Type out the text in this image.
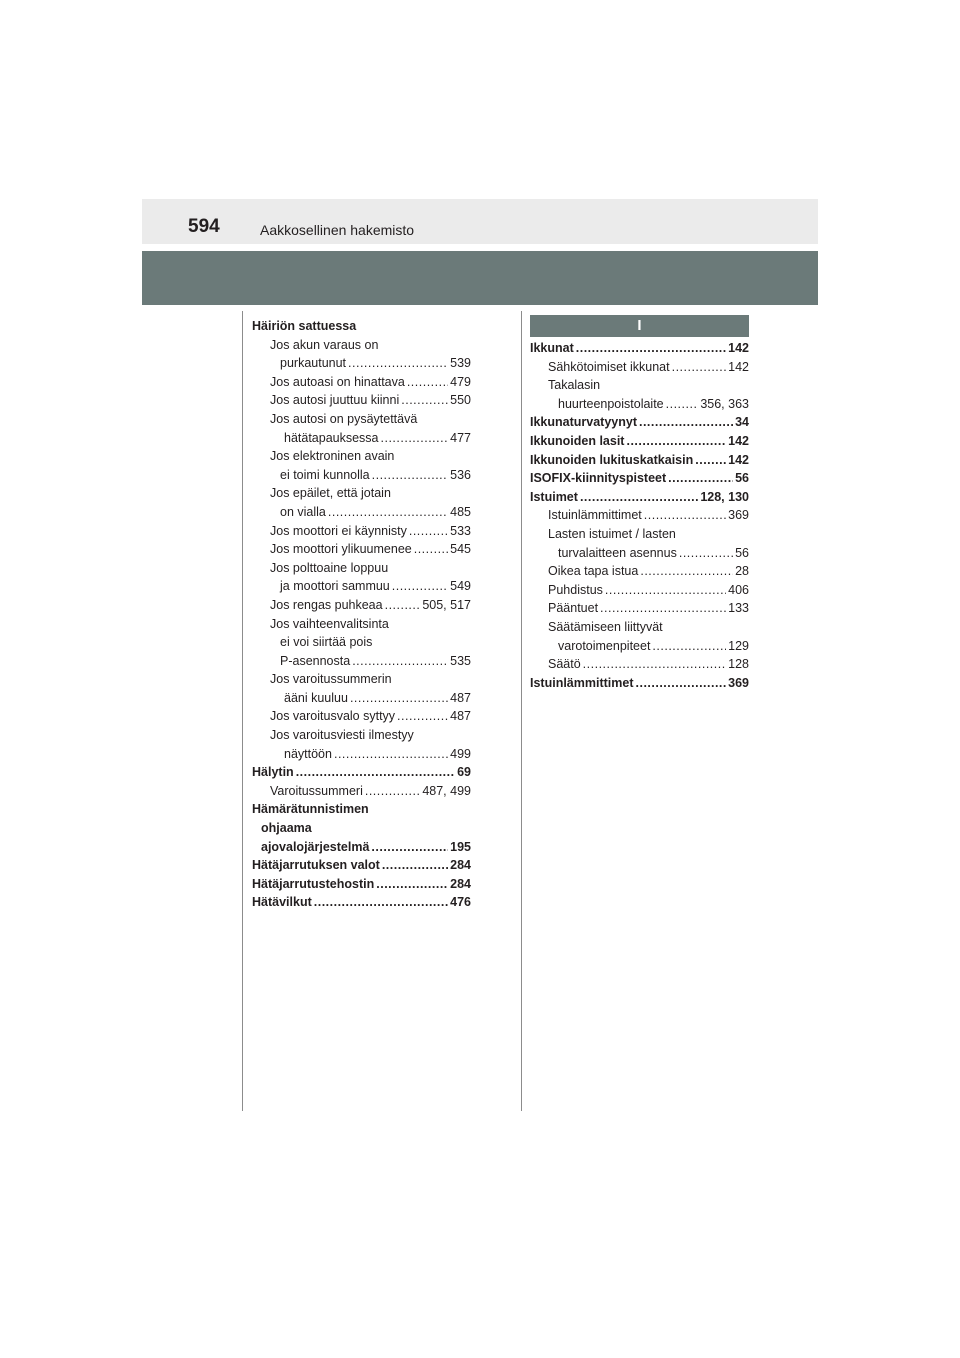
594	Aakkosellinen hakemisto
I
Häiriön sattuessa
Jos akun varaus on
purkautunut .....	539
Jos autoasi on hinattava .....	479
Jos autosi juuttuu kiinni .....	550
Jos autosi on pysäytettävä
hätätapauksessa .....	477
Jos elektroninen avain
ei toimi kunnolla .....	536
Jos epäilet, että jotain
on vialla .....	485
Jos moottori ei käynnisty .....	533
Jos moottori ylikuumenee .....	545
Jos polttoaine loppuu
ja moottori sammuu .....	549
Jos rengas puhkeaa .....	505, 517
Jos vaihteenvalitsinta
ei voi siirtää pois
P-asennosta .....	535
Jos varoitussummerin
ääni kuuluu .....	487
Jos varoitusvalo syttyy .....	487
Jos varoitusviesti ilmestyy
näyttöön .....	499
Hälytin .....	69
Varoitussummeri .....	487, 499
Hämärätunnistimen
ohjaama
ajovalojärjestelmä .....	195
Hätäjarrutuksen valot .....	284
Hätäjarrutustehostin .....	284
Hätävilkut .....	476
Ikkunat .....	142
Sähkötoimiset ikkunat .....	142
Takalasin
huurteenpoistolaite .....	356, 363
Ikkunaturvatyynyt .....	34
Ikkunoiden lasit .....	142
Ikkunoiden lukituskatkaisin .....	142
ISOFIX-kiinnityspisteet .....	56
Istuimet .....	128, 130
Istuinlämmittimet .....	369
Lasten istuimet / lasten
turvalaitteen asennus .....	56
Oikea tapa istua .....	28
Puhdistus .....	406
Pääntuet .....	133
Säätämiseen liittyvät
varotoimenpiteet .....	129
Säätö .....	128
Istuinlämmittimet .....	369
